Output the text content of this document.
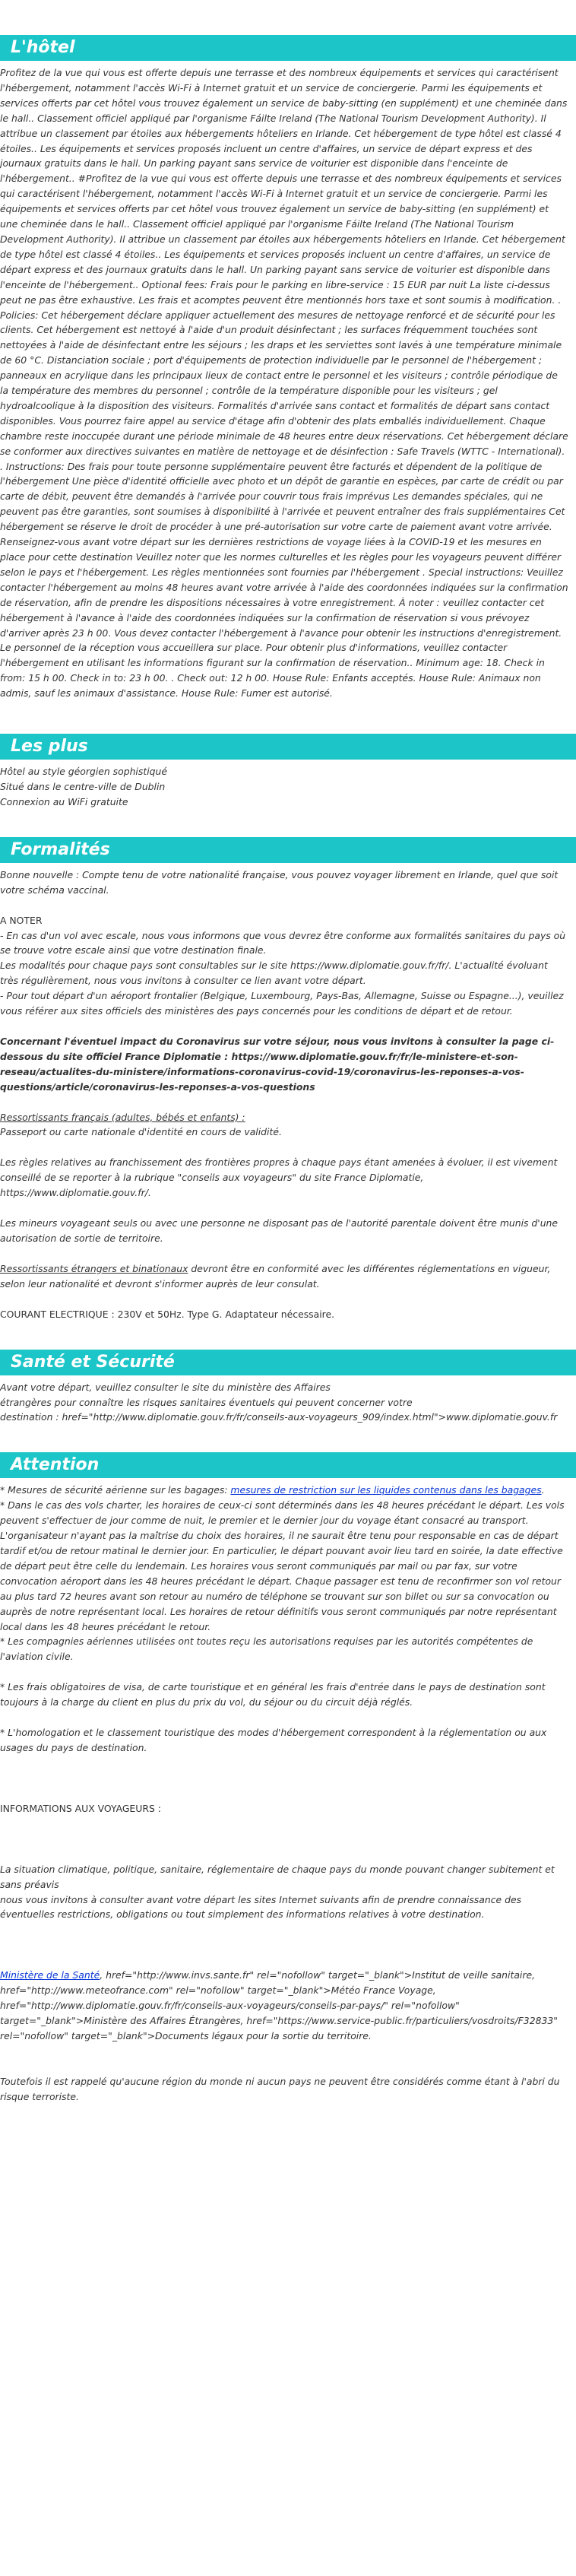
L'hôtel
Profitez de la vue qui vous est offerte depuis une terrasse et des nombreux équipements et services qui caractérisent l'hébergement, notamment l'accès Wi-Fi à Internet gratuit et un service de conciergerie. Parmi les équipements et services offerts par cet hôtel vous trouvez également un service de baby-sitting (en supplément) et une cheminée dans le hall.. Classement officiel appliqué par l'organisme Fáilte Ireland (The National Tourism Development Authority). Il attribue un classement par étoiles aux hébergements hôteliers en Irlande. Cet hébergement de type hôtel est classé 4 étoiles.. Les équipements et services proposés incluent un centre d'affaires, un service de départ express et des journaux gratuits dans le hall. Un parking payant sans service de voiturier est disponible dans l'enceinte de l'hébergement.. #Profitez de la vue qui vous est offerte depuis une terrasse et des nombreux équipements et services qui caractérisent l'hébergement, notamment l'accès Wi-Fi à Internet gratuit et un service de conciergerie. Parmi les équipements et services offerts par cet hôtel vous trouvez également un service de baby-sitting (en supplément) et une cheminée dans le hall.. Classement officiel appliqué par l'organisme Fáilte Ireland (The National Tourism Development Authority). Il attribue un classement par étoiles aux hébergements hôteliers en Irlande. Cet hébergement de type hôtel est classé 4 étoiles.. Les équipements et services proposés incluent un centre d'affaires, un service de départ express et des journaux gratuits dans le hall. Un parking payant sans service de voiturier est disponible dans l'enceinte de l'hébergement.. Optional fees: Frais pour le parking en libre-service : 15 EUR par nuit La liste ci-dessus peut ne pas être exhaustive. Les frais et acomptes peuvent être mentionnés hors taxe et sont soumis à modification. . Policies: Cet hébergement déclare appliquer actuellement des mesures de nettoyage renforcé et de sécurité pour les clients. Cet hébergement est nettoyé à l'aide d'un produit désinfectant ; les surfaces fréquemment touchées sont nettoyées à l'aide de désinfectant entre les séjours ; les draps et les serviettes sont lavés à une température minimale de 60 °C. Distanciation sociale ; port d'équipements de protection individuelle par le personnel de l'hébergement ; panneaux en acrylique dans les principaux lieux de contact entre le personnel et les visiteurs ; contrôle périodique de la température des membres du personnel ; contrôle de la température disponible pour les visiteurs ; gel hydroalcoolique à la disposition des visiteurs. Formalités d'arrivée sans contact et formalités de départ sans contact disponibles. Vous pourrez faire appel au service d'étage afin d'obtenir des plats emballés individuellement. Chaque chambre reste inoccupée durant une période minimale de 48 heures entre deux réservations. Cet hébergement déclare se conformer aux directives suivantes en matière de nettoyage et de désinfection : Safe Travels (WTTC - International). . Instructions: Des frais pour toute personne supplémentaire peuvent être facturés et dépendent de la politique de l'hébergement Une pièce d'identité officielle avec photo et un dépôt de garantie en espèces, par carte de crédit ou par carte de débit, peuvent être demandés à l'arrivée pour couvrir tous frais imprévus Les demandes spéciales, qui ne peuvent pas être garanties, sont soumises à disponibilité à l'arrivée et peuvent entraîner des frais supplémentaires Cet hébergement se réserve le droit de procéder à une pré-autorisation sur votre carte de paiement avant votre arrivée. Renseignez-vous avant votre départ sur les dernières restrictions de voyage liées à la COVID-19 et les mesures en place pour cette destination Veuillez noter que les normes culturelles et les règles pour les voyageurs peuvent différer selon le pays et l'hébergement. Les règles mentionnées sont fournies par l'hébergement . Special instructions: Veuillez contacter l'hébergement au moins 48 heures avant votre arrivée à l'aide des coordonnées indiquées sur la confirmation de réservation, afin de prendre les dispositions nécessaires à votre enregistrement. À noter : veuillez contacter cet hébergement à l'avance à l'aide des coordonnées indiquées sur la confirmation de réservation si vous prévoyez d'arriver après 23 h 00. Vous devez contacter l'hébergement à l'avance pour obtenir les instructions d'enregistrement. Le personnel de la réception vous accueillera sur place. Pour obtenir plus d'informations, veuillez contacter l'hébergement en utilisant les informations figurant sur la confirmation de réservation.. Minimum age: 18. Check in from: 15 h 00. Check in to: 23 h 00. . Check out: 12 h 00. House Rule: Enfants acceptés. House Rule: Animaux non admis, sauf les animaux d'assistance. House Rule: Fumer est autorisé.
Les plus

Hôtel au style géorgien sophistiqué

Situé dans le centre-ville de Dublin

Connexion au WiFi gratuite

Formalités

Bonne nouvelle : Compte tenu de votre nationalité française, vous pouvez voyager librement en Irlande, quel que soit votre schéma vaccinal.

A NOTER

- En cas d'un vol avec escale, nous vous informons que vous devrez être conforme aux formalités sanitaires du pays où se trouve votre escale ainsi que votre destination finale.

Les modalités pour chaque pays sont consultables sur le site https://www.diplomatie.gouv.fr/fr/. L'actualité évoluant très régulièrement, nous vous invitons à consulter ce lien avant votre départ.

- Pour tout départ d'un aéroport frontalier (Belgique, Luxembourg, Pays-Bas, Allemagne, Suisse ou Espagne...), veuillez vous référer aux sites officiels des ministères des pays concernés pour les conditions de départ et de retour.

Concernant l'éventuel impact du Coronavirus sur votre séjour, nous vous invitons à consulter la page ci-dessous du site officiel France Diplomatie : https://www.diplomatie.gouv.fr/fr/le-ministere-et-son-reseau/actualites-du-ministere/informations-coronavirus-covid-19/coronavirus-les-reponses-a-vos-questions/article/coronavirus-les-reponses-a-vos-questions

Ressortissants français (adultes, bébés et enfants) :

Passeport ou carte nationale d'identité en cours de validité.

Les règles relatives au franchissement des frontières propres à chaque pays étant amenées à évoluer, il est vivement conseillé de se reporter à la rubrique "conseils aux voyageurs" du site France Diplomatie, https://www.diplomatie.gouv.fr/.

Les mineurs voyageant seuls ou avec une personne ne disposant pas de l'autorité parentale doivent être munis d'une autorisation de sortie de territoire.

Ressortissants étrangers et binationaux devront être en conformité avec les différentes réglementations en vigueur, selon leur nationalité et devront s'informer auprès de leur consulat.

COURANT ELECTRIQUE : 230V et 50Hz. Type G. Adaptateur nécessaire.

Santé et Sécurité

Avant votre départ, veuillez consulter le site du ministère des Affaires

étrangères pour connaître les risques sanitaires éventuels qui peuvent concerner votre

destination : href="http://www.diplomatie.gouv.fr/fr/conseils-aux-voyageurs_909/index.html">www.diplomatie.gouv.fr

Attention

* Mesures de sécurité aérienne sur les bagages: mesures de restriction sur les liquides contenus dans les bagages.

* Dans le cas des vols charter, les horaires de ceux-ci sont déterminés dans les 48 heures précédant le départ. Les vols peuvent s'effectuer de jour comme de nuit, le premier et le dernier jour du voyage étant consacré au transport. L'organisateur n'ayant pas la maîtrise du choix des horaires, il ne saurait être tenu pour responsable en cas de départ tardif et/ou de retour matinal le dernier jour. En particulier, le départ pouvant avoir lieu tard en soirée, la date effective de départ peut être celle du lendemain. Les horaires vous seront communiqués par mail ou par fax, sur votre convocation aéroport dans les 48 heures précédant le départ. Chaque passager est tenu de reconfirmer son vol retour au plus tard 72 heures avant son retour au numéro de téléphone se trouvant sur son billet ou sur sa convocation ou auprès de notre représentant local. Les horaires de retour définitifs vous seront communiqués par notre représentant local dans les 48 heures précédant le retour.

* Les compagnies aériennes utilisées ont toutes reçu les autorisations requises par les autorités compétentes de l'aviation civile.

* Les frais obligatoires de visa, de carte touristique et en général les frais d'entrée dans le pays de destination sont toujours à la charge du client en plus du prix du vol, du séjour ou du circuit déjà réglés.

* L'homologation et le classement touristique des modes d'hébergement correspondent à la réglementation ou aux usages du pays de destination.

INFORMATIONS AUX VOYAGEURS :

La situation climatique, politique, sanitaire, réglementaire de chaque pays du monde pouvant changer subitement et sans préavis

nous vous invitons à consulter avant votre départ les sites Internet suivants afin de prendre connaissance des éventuelles restrictions, obligations ou tout simplement des informations relatives à votre destination.

Ministère de la Santé, href="http://www.invs.sante.fr" rel="nofollow" target="_blank">Institut de veille sanitaire, href="http://www.meteofrance.com" rel="nofollow" target="_blank">Météo France Voyage, href="http://www.diplomatie.gouv.fr/fr/conseils-aux-voyageurs/conseils-par-pays/" rel="nofollow" target="_blank">Ministère des Affaires Étrangères, href="https://www.service-public.fr/particuliers/vosdroits/F32833" rel="nofollow" target="_blank">Documents légaux pour la sortie du territoire.

Toutefois il est rappelé qu'aucune région du monde ni aucun pays ne peuvent être considérés comme étant à l'abri du risque terroriste.
